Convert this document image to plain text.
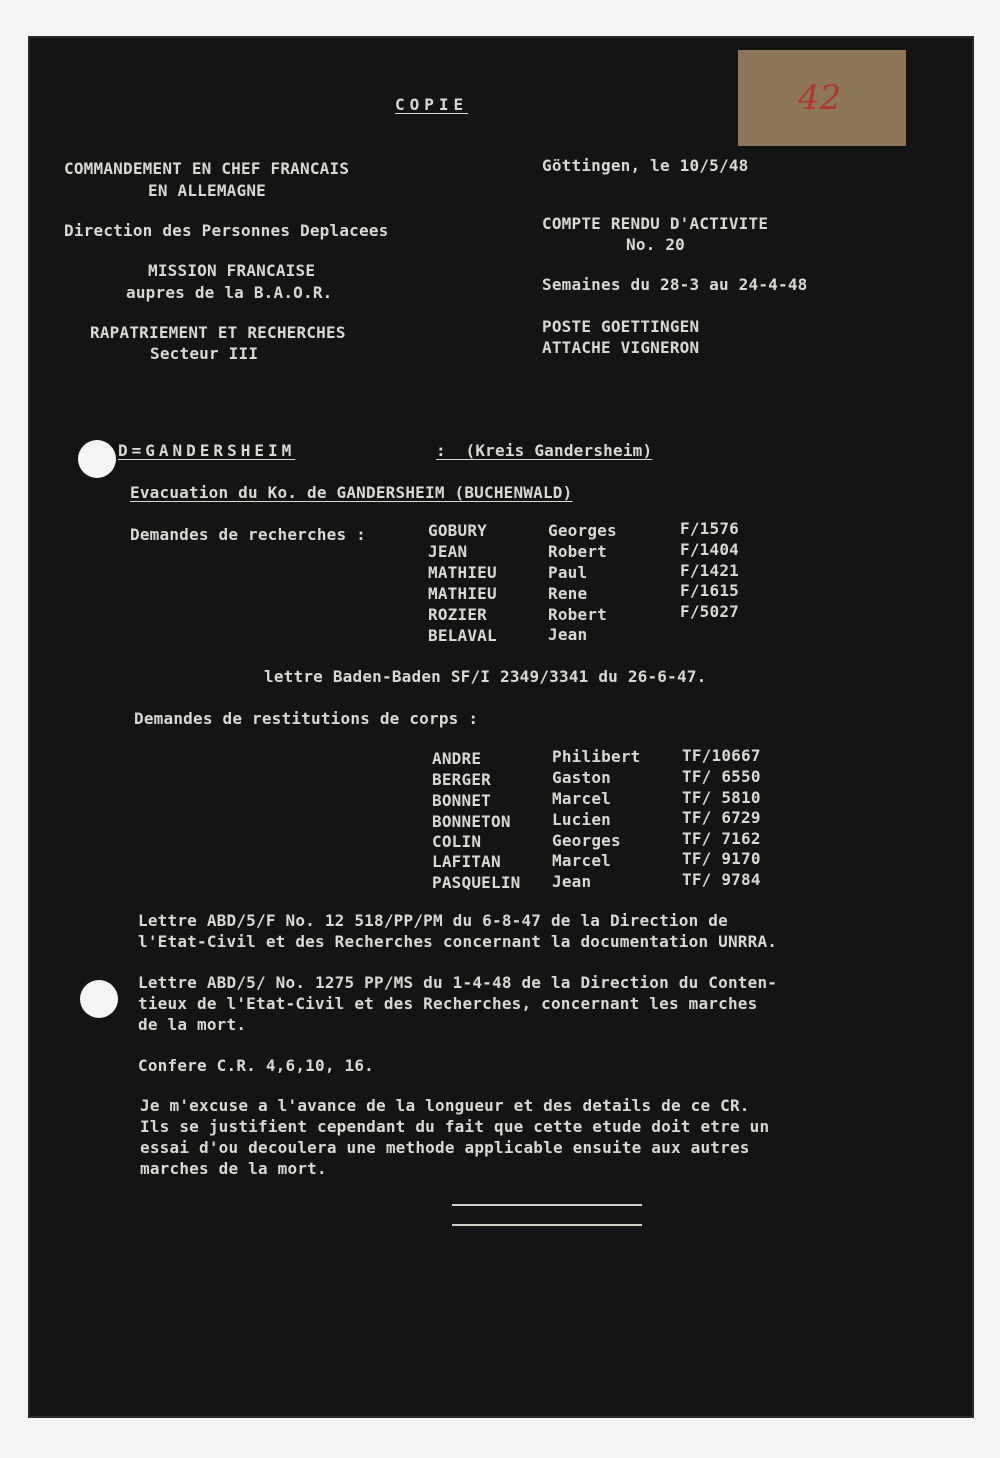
42
COPIE
COMMANDEMENT EN CHEF FRANCAIS
EN ALLEMAGNE
Direction des Personnes Deplacees
MISSION FRANCAISE
aupres de la B.A.O.R.
RAPATRIEMENT ET RECHERCHES
Secteur III
Göttingen, le 10/5/48
COMPTE RENDU D'ACTIVITE
No. 20
Semaines du 28-3 au 24-4-48
POSTE GOETTINGEN
ATTACHE VIGNERON
D=GANDERSHEIM	:  (Kreis Gandersheim)
Evacuation du Ko. de GANDERSHEIM (BUCHENWALD)
Demandes de recherches :	GOBURY	Georges	F/1576
JEAN	Robert	F/1404
MATHIEU	Paul	F/1421
MATHIEU	Rene	F/1615
ROZIER	Robert	F/5027
BELAVAL	Jean
lettre Baden-Baden SF/I 2349/3341 du 26-6-47.
Demandes de restitutions de corps :
ANDRE	Philibert	TF/10667
BERGER	Gaston	TF/ 6550
BONNET	Marcel	TF/ 5810
BONNETON	Lucien	TF/ 6729
COLIN	Georges	TF/ 7162
LAFITAN	Marcel	TF/ 9170
PASQUELIN Jean	TF/ 9784
Lettre ABD/5/F No. 12 518/PP/PM du 6-8-47 de la Direction de
l'Etat-Civil et des Recherches concernant la documentation UNRRA.
Lettre ABD/5/ No. 1275 PP/MS du 1-4-48 de la Direction du Conten-
tieux de l'Etat-Civil et des Recherches, concernant les marches
de la mort.
Confere C.R. 4,6,10, 16.
Je m'excuse a l'avance de la longueur et des details de ce CR.
Ils se justifient cependant du fait que cette etude doit etre un
essai d'ou decoulera une methode applicable ensuite aux autres
marches de la mort.
